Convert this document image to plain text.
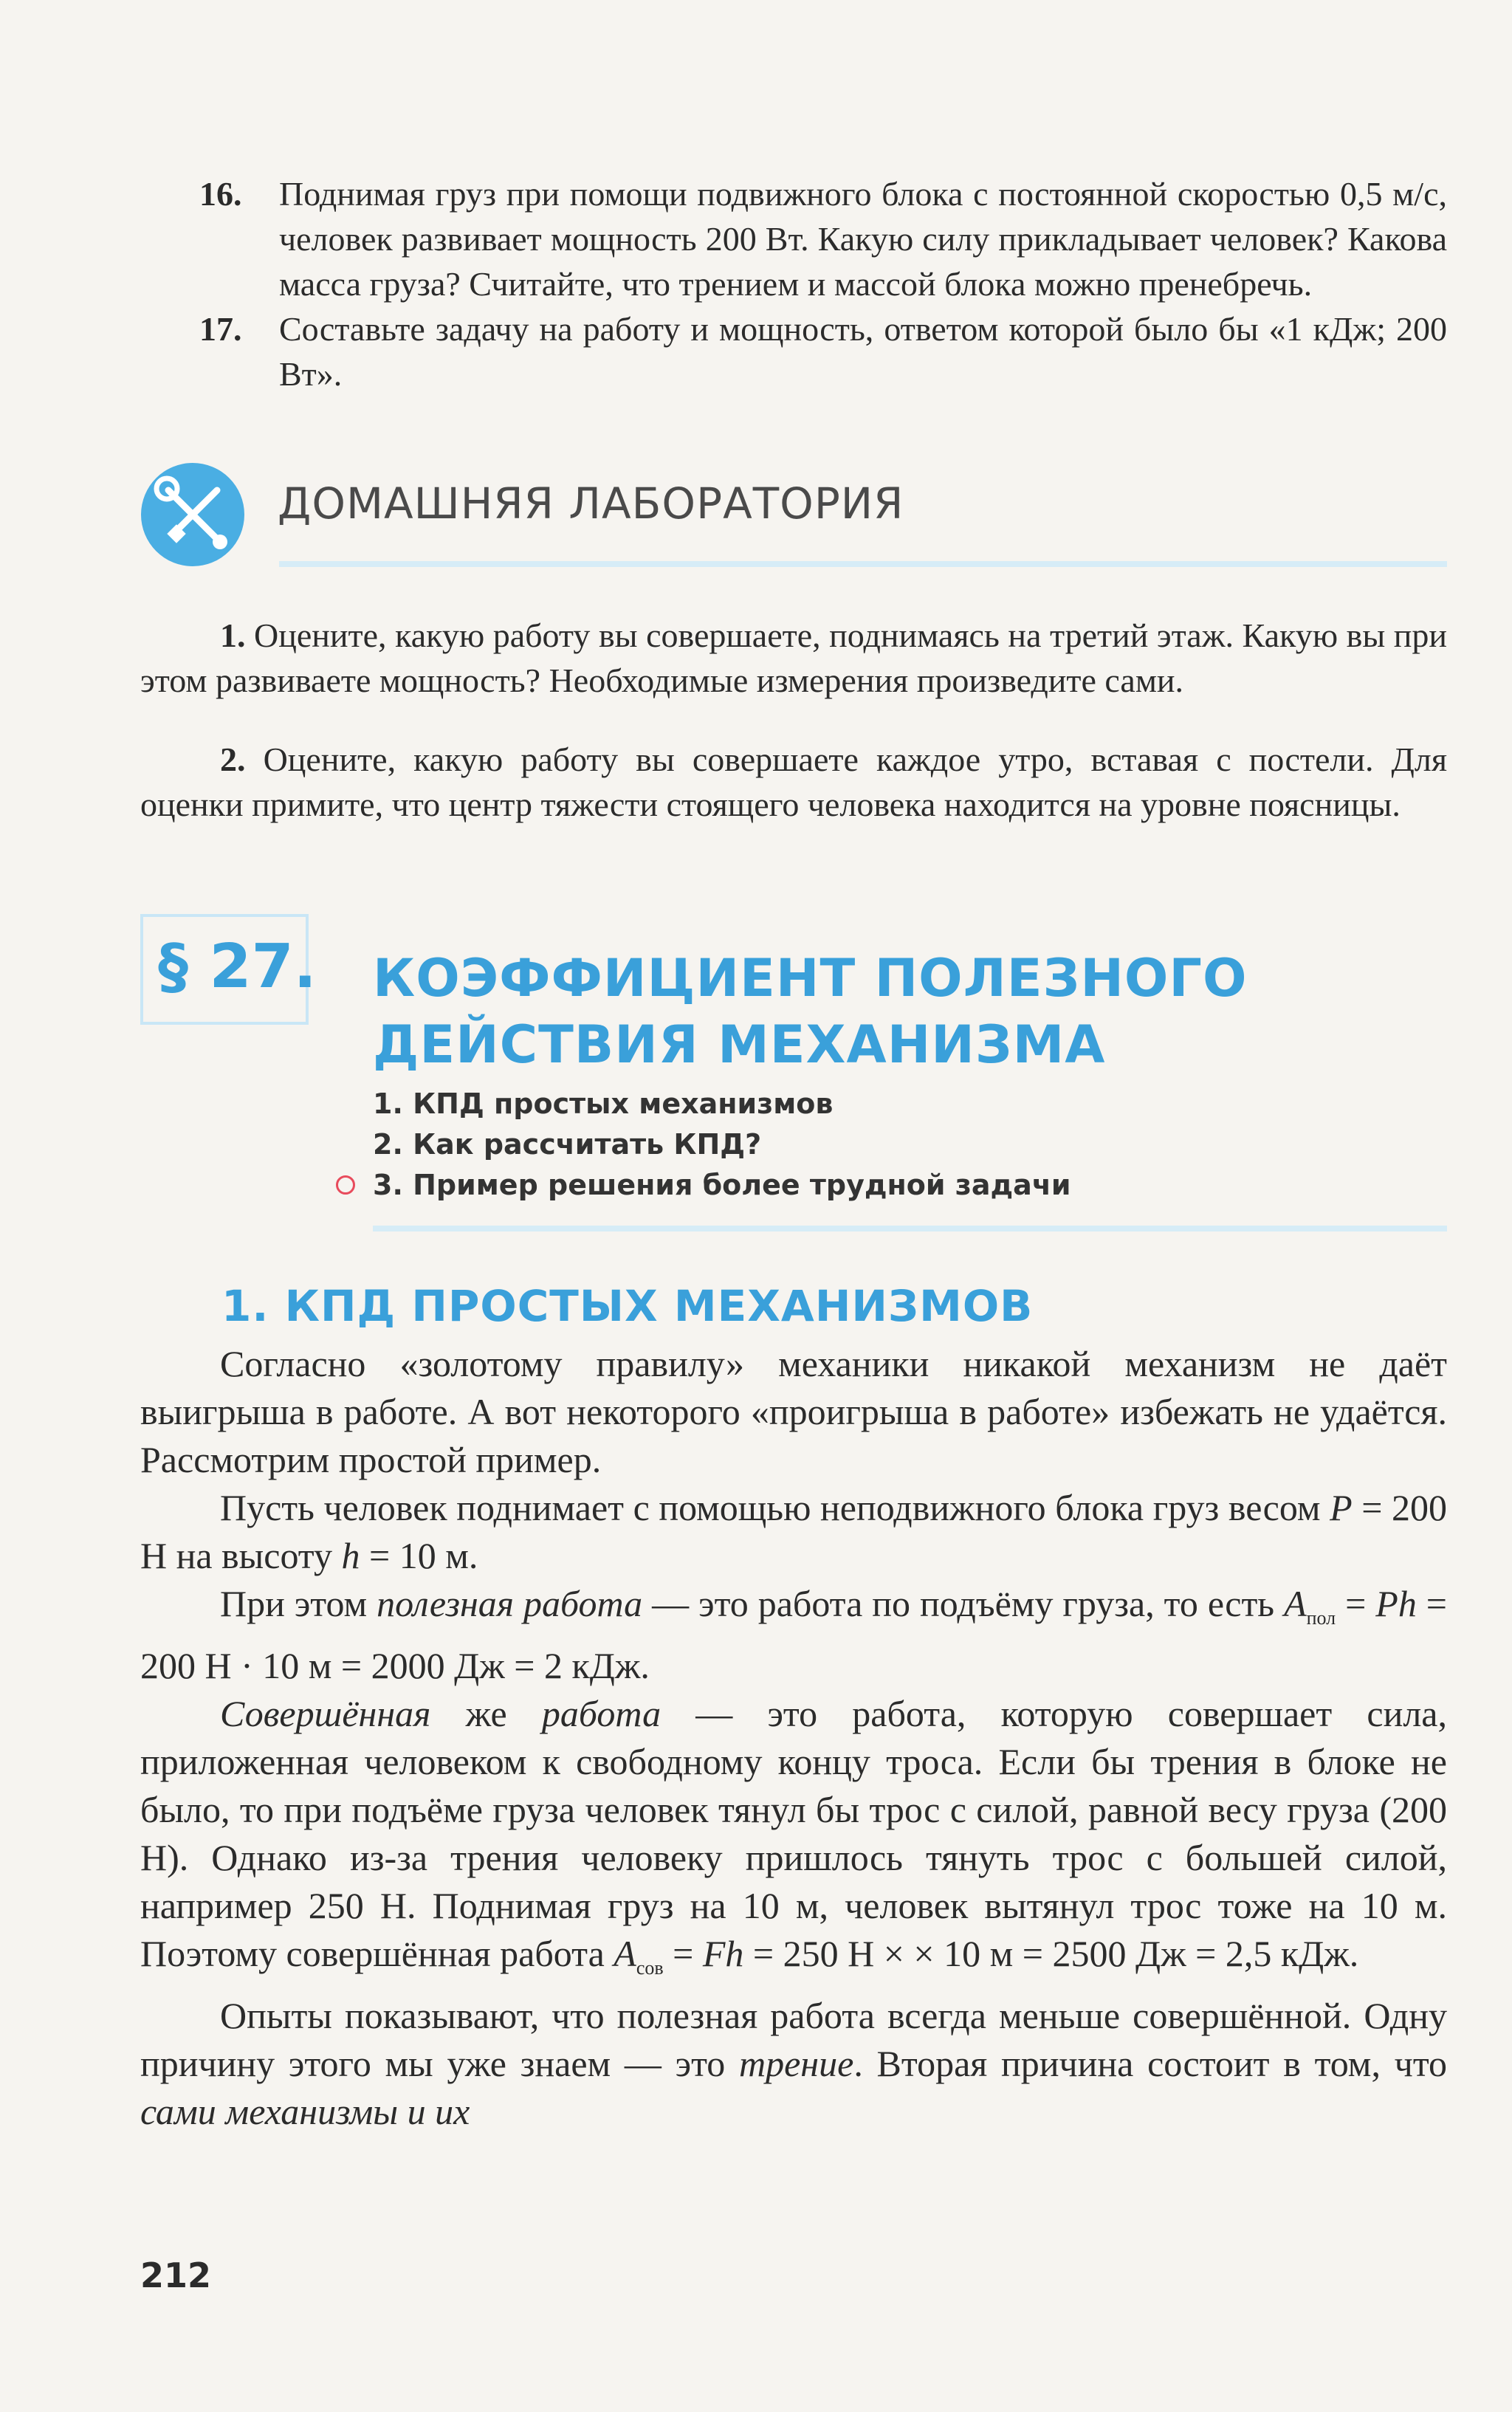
16. Поднимая груз при помощи подвижного блока с постоянной скоростью 0,5 м/с, человек развивает мощность 200 Вт. Какую силу прикладывает человек? Какова масса груза? Считайте, что трением и массой блока можно пренебречь.
17. Составьте задачу на работу и мощность, ответом которой было бы «1 кДж; 200 Вт».
ДОМАШНЯЯ ЛАБОРАТОРИЯ

1. Оцените, какую работу вы совершаете, поднимаясь на третий этаж. Какую вы при этом развиваете мощность? Необходимые измерения произведите сами.

2. Оцените, какую работу вы совершаете каждое утро, вставая с постели. Для оценки примите, что центр тяжести стоящего человека находится на уровне поясницы.

§ 27. КОЭФФИЦИЕНТ ПОЛЕЗНОГО
ДЕЙСТВИЯ МЕХАНИЗМА
1. КПД простых механизмов
2. Как рассчитать КПД?
3. Пример решения более трудной задачи
1. КПД ПРОСТЫХ МЕХАНИЗМОВ

Согласно «золотому правилу» механики никакой механизм не даёт выигрыша в работе. А вот некоторого «проигрыша в работе» избежать не удаётся. Рассмотрим простой пример.

Пусть человек поднимает с помощью неподвижного блока груз весом P = 200 Н на высоту h = 10 м.

При этом полезная работа — это работа по подъёму груза, то есть $A_{пол} = Ph = 200$ Н · 10 м = 2000 Дж = 2 кДж.

Совершённая же работа — это работа, которую совершает сила, приложенная человеком к свободному концу троса. Если бы трения в блоке не было, то при подъёме груза человек тянул бы трос с силой, равной весу груза (200 Н). Однако из-за трения человеку пришлось тянуть трос с большей силой, например 250 Н. Поднимая груз на 10 м, человек вытянул трос тоже на 10 м. Поэтому совершённая работа $A_{сов} = Fh = 250$ Н × × 10 м = 2500 Дж = 2,5 кДж.

Опыты показывают, что полезная работа всегда меньше совершённой. Одну причину этого мы уже знаем — это трение. Вторая причина состоит в том, что сами механизмы и их

212
